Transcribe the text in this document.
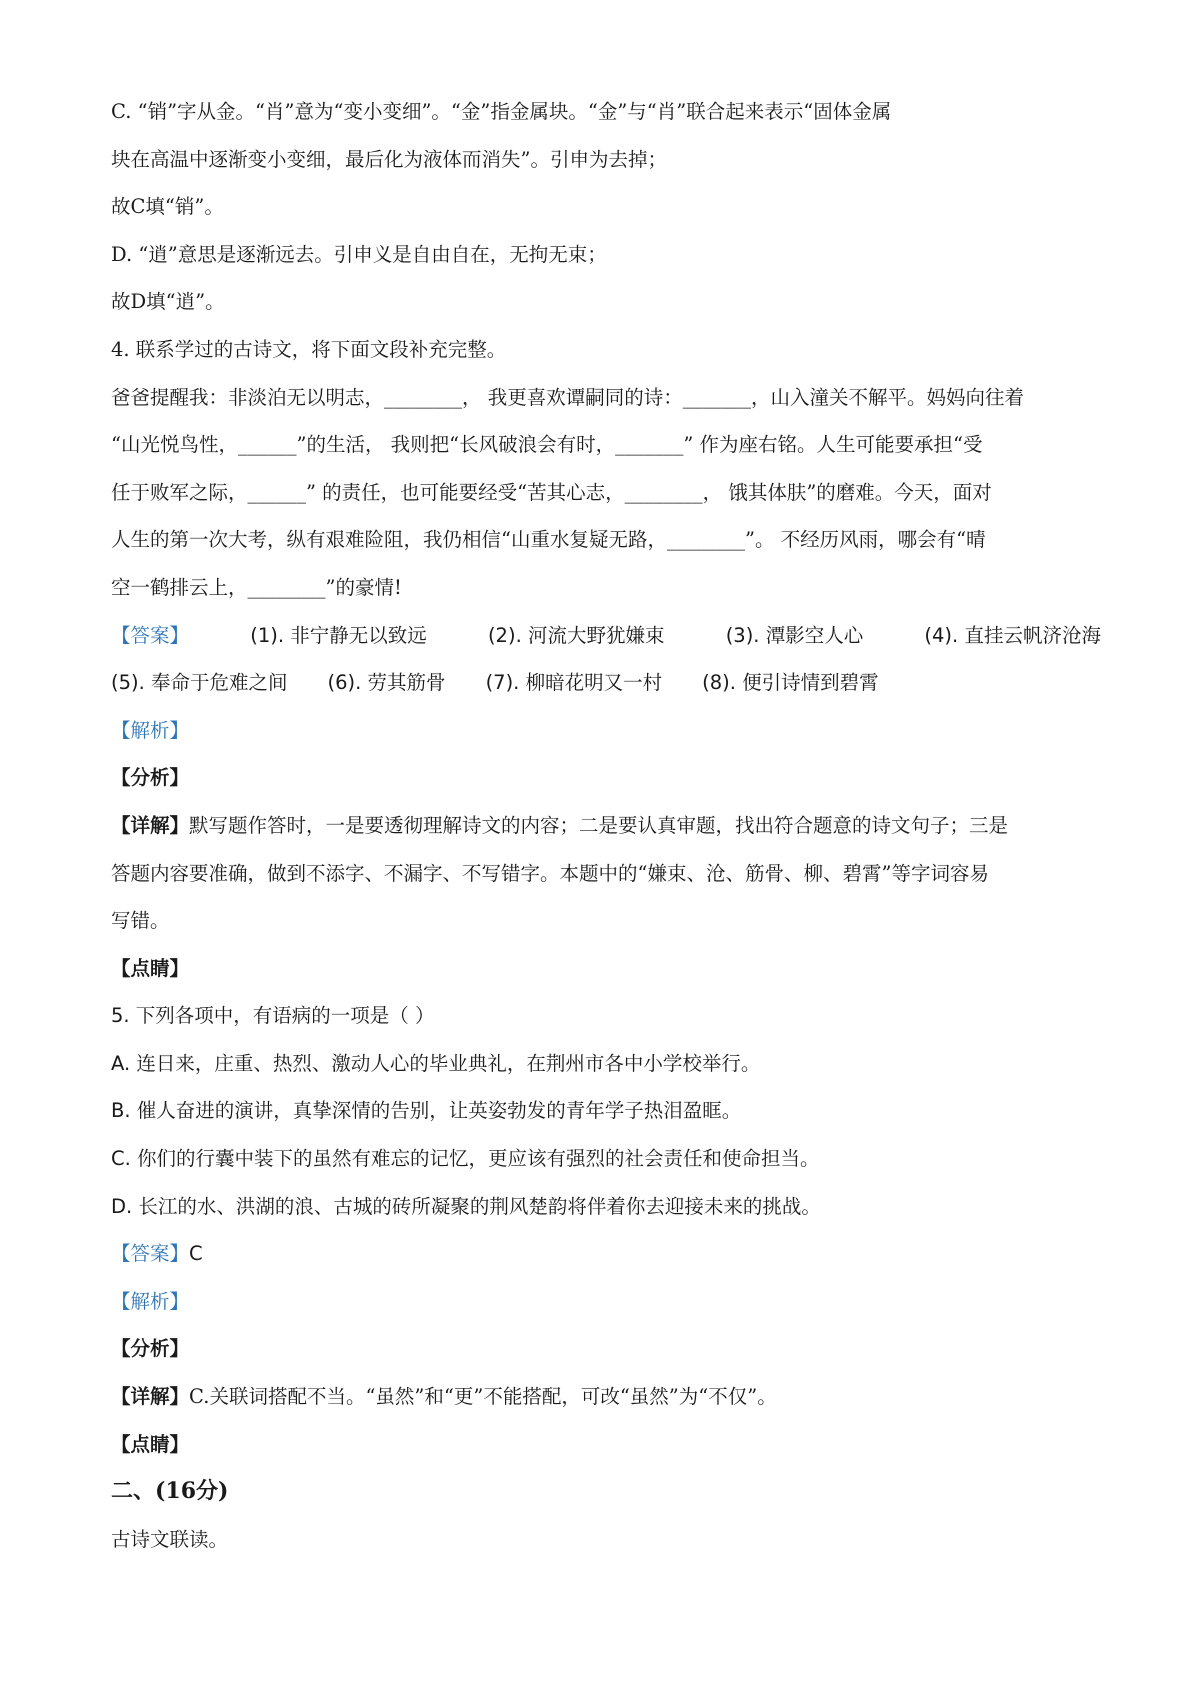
C. “销”字从金。“肖”意为“变小变细”。“金”指金属块。“金”与“肖”联合起来表示“固体金属

块在高温中逐渐变小变细，最后化为液体而消失”。引申为去掉；

故C填“销”。

D. “逍”意思是逐渐远去。引申义是自由自在，无拘无束；

故D填“逍”。

4. 联系学过的古诗文，将下面文段补充完整。

爸爸提醒我：非淡泊无以明志，________， 我更喜欢谭嗣同的诗：_______，山入潼关不解平。妈妈向往着

“山光悦鸟性，______”的生活， 我则把“长风破浪会有时，_______” 作为座右铭。人生可能要承担“受

任于败军之际，______” 的责任，也可能要经受“苦其心志，________， 饿其体肤”的磨难。今天，面对

人生的第一次大考，纵有艰难险阻，我仍相信“山重水复疑无路，________”。 不经历风雨，哪会有“晴

空一鹤排云上，________”的豪情!

【答案】	(1). 非宁静无以致远	(2). 河流大野犹嫌束	(3). 潭影空人心	(4). 直挂云帆济沧海
(5). 奉命于危难之间 (6). 劳其筋骨 (7). 柳暗花明又一村 (8). 便引诗情到碧霄

【解析】

【分析】

【详解】默写题作答时，一是要透彻理解诗文的内容；二是要认真审题，找出符合题意的诗文句子；三是

答题内容要准确，做到不添字、不漏字、不写错字。本题中的“嫌束、沧、筋骨、柳、碧霄”等字词容易

写错。

【点睛】

5. 下列各项中，有语病的一项是（ ）

A. 连日来，庄重、热烈、激动人心的毕业典礼，在荆州市各中小学校举行。

B. 催人奋进的演讲，真挚深情的告别，让英姿勃发的青年学子热泪盈眶。

C. 你们的行囊中装下的虽然有难忘的记忆，更应该有强烈的社会责任和使命担当。

D. 长江的水、洪湖的浪、古城的砖所凝聚的荆风楚韵将伴着你去迎接未来的挑战。

【答案】C

【解析】

【分析】

【详解】C.关联词搭配不当。“虽然”和“更”不能搭配，可改“虽然”为“不仅”。

【点睛】

二、(16分)

古诗文联读。
